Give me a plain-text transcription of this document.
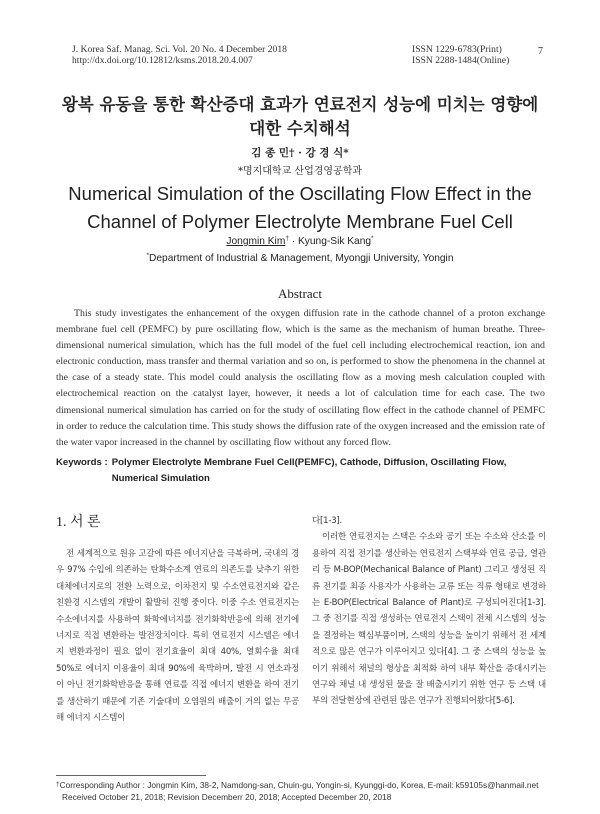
J. Korea Saf. Manag. Sci. Vol. 20 No. 4 December 2018
http://dx.doi.org/10.12812/ksms.2018.20.4.007
ISSN 1229-6783(Print)
ISSN 2288-1484(Online)
7
왕복 유동을 통한 확산증대 효과가 연료전지 성능에 미치는 영향에
대한 수치해석
김 종 민† · 강 경 식*
*명지대학교 산업경영공학과
Numerical Simulation of the Oscillating Flow Effect in the
Channel of Polymer Electrolyte Membrane Fuel Cell
Jongmin Kim† · Kyung-Sik Kang*
*Department of Industrial & Management, Myongji University, Yongin
Abstract
This study investigates the enhancement of the oxygen diffusion rate in the cathode channel of a proton exchange membrane fuel cell (PEMFC) by pure oscillating flow, which is the same as the mechanism of human breathe. Three-dimensional numerical simulation, which has the full model of the fuel cell including electrochemical reaction, ion and electronic conduction, mass transfer and thermal variation and so on, is performed to show the phenomena in the channel at the case of a steady state. This model could analysis the oscillating flow as a moving mesh calculation coupled with electrochemical reaction on the catalyst layer, however, it needs a lot of calculation time for each case. The two dimensional numerical simulation has carried on for the study of oscillating flow effect in the cathode channel of PEMFC in order to reduce the calculation time. This study shows the diffusion rate of the oxygen increased and the emission rate of the water vapor increased in the channel by oscillating flow without any forced flow.
Keywords : Polymer Electrolyte Membrane Fuel Cell(PEMFC), Cathode, Diffusion, Oscillating Flow, Numerical Simulation
1. 서 론
전 세계적으로 원유 고갈에 따른 에너지난을 극복하며, 국내의 경우 97% 수입에 의존하는 탄화수소계 연료의 의존도를 낮추기 위한 대체에너지로의 전환 노력으로, 이차전지 및 수소연료전지와 같은 친환경 시스템의 개발이 활발히 진행 중이다. 이중 수소 연료전지는 수소에너지를 사용하여 화학에너지를 전기화학반응에 의해 전기에너지로 직접 변환하는 발전장치이다. 특히 연료전지 시스템은 에너지 변환과정이 필요 없이 전기효율이 최대 40%, 열회수율 최대 50%로 에너지 이용율이 최대 90%에 육박하며, 발전 시 연소과정이 아닌 전기화학반응을 통해 연료를 직접 에너지 변환을 하여 전기를 생산하기 때문에 기존 기술대비 오염원의 배출이 거의 없는 무공해 에너지 시스템이
다[1-3].
이러한 연료전지는 스택은 수소와 공기 또는 수소와 산소를 이용하여 직접 전기를 생산하는 연료전지 스택부와 연료 공급, 열관리 등 M-BOP(Mechanical Balance of Plant) 그리고 생성된 직류 전기를 최종 사용자가 사용하는 교류 또는 직류 형태로 변경하는 E-BOP(Electrical Balance of Plant)로 구성되어진다[1-3]. 그 중 전기를 직접 생성하는 연료전지 스택이 전체 시스템의 성능을 결정하는 핵심부품이며, 스택의 성능을 높이기 위해서 전 세계적으로 많은 연구가 이루어지고 있다[4]. 그 중 스택의 성능을 높이기 위해서 채널의 형상을 최적화 하여 내부 확산을 증대시키는 연구와 채널 내 생성된 물을 잘 배출시키기 위한 연구 등 스택 내부의 전달현상에 관련된 많은 연구가 진행되어왔다[5-6].
†Corresponding Author : Jongmin Kim, 38-2, Namdong-san, Chuin-gu, Yongin-si, Kyunggi-do, Korea, E-mail: k59105s@hanmail.net
Received October 21, 2018; Revision Decemberr 20, 2018; Accepted December 20, 2018
